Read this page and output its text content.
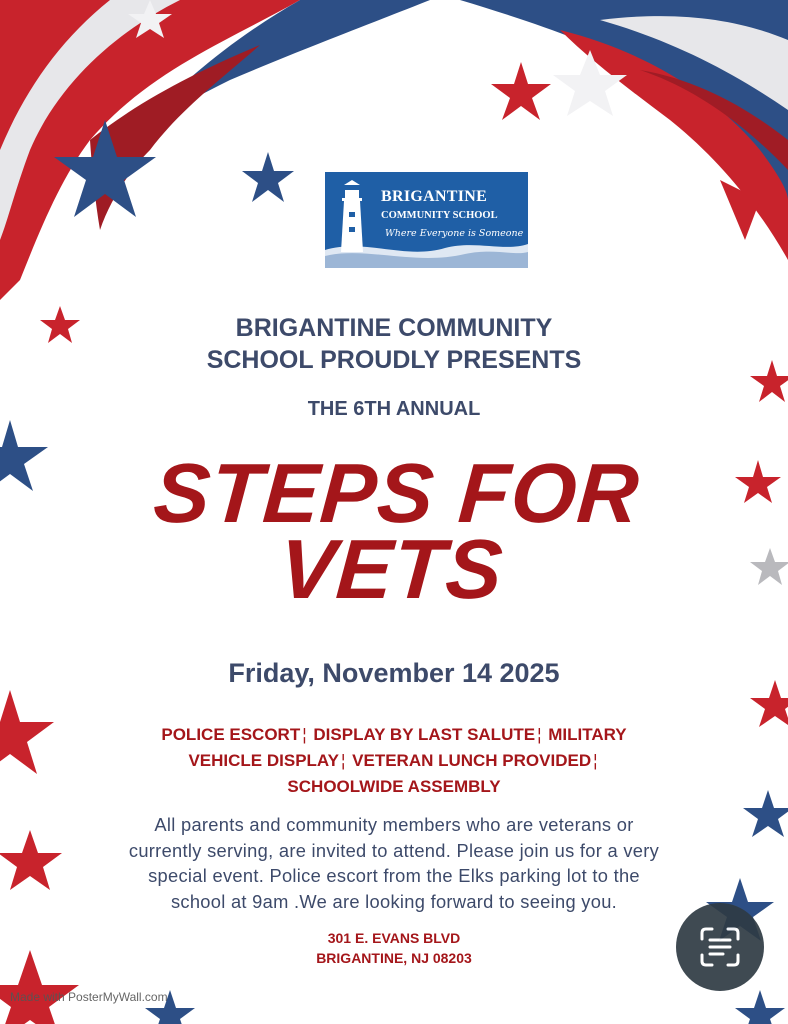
BRIGANTINE
COMMUNITY SCHOOL
Where Everyone is Someone
BRIGANTINE COMMUNITY
SCHOOL PROUDLY PRESENTS
THE 6TH ANNUAL
STEPS FOR
VETS
Friday, November 14 2025
POLICE ESCORT ¦ DISPLAY BY LAST SALUTE ¦ MILITARY VEHICLE DISPLAY ¦ VETERAN LUNCH PROVIDED ¦ SCHOOLWIDE ASSEMBLY
All parents and community members who are veterans or
currently serving, are invited to attend. Please join us for a very
special event. Police escort from the Elks parking lot to the
school at 9am .We are looking forward to seeing you.
301 E. EVANS BLVD
BRIGANTINE, NJ 08203
Made with PosterMyWall.com
